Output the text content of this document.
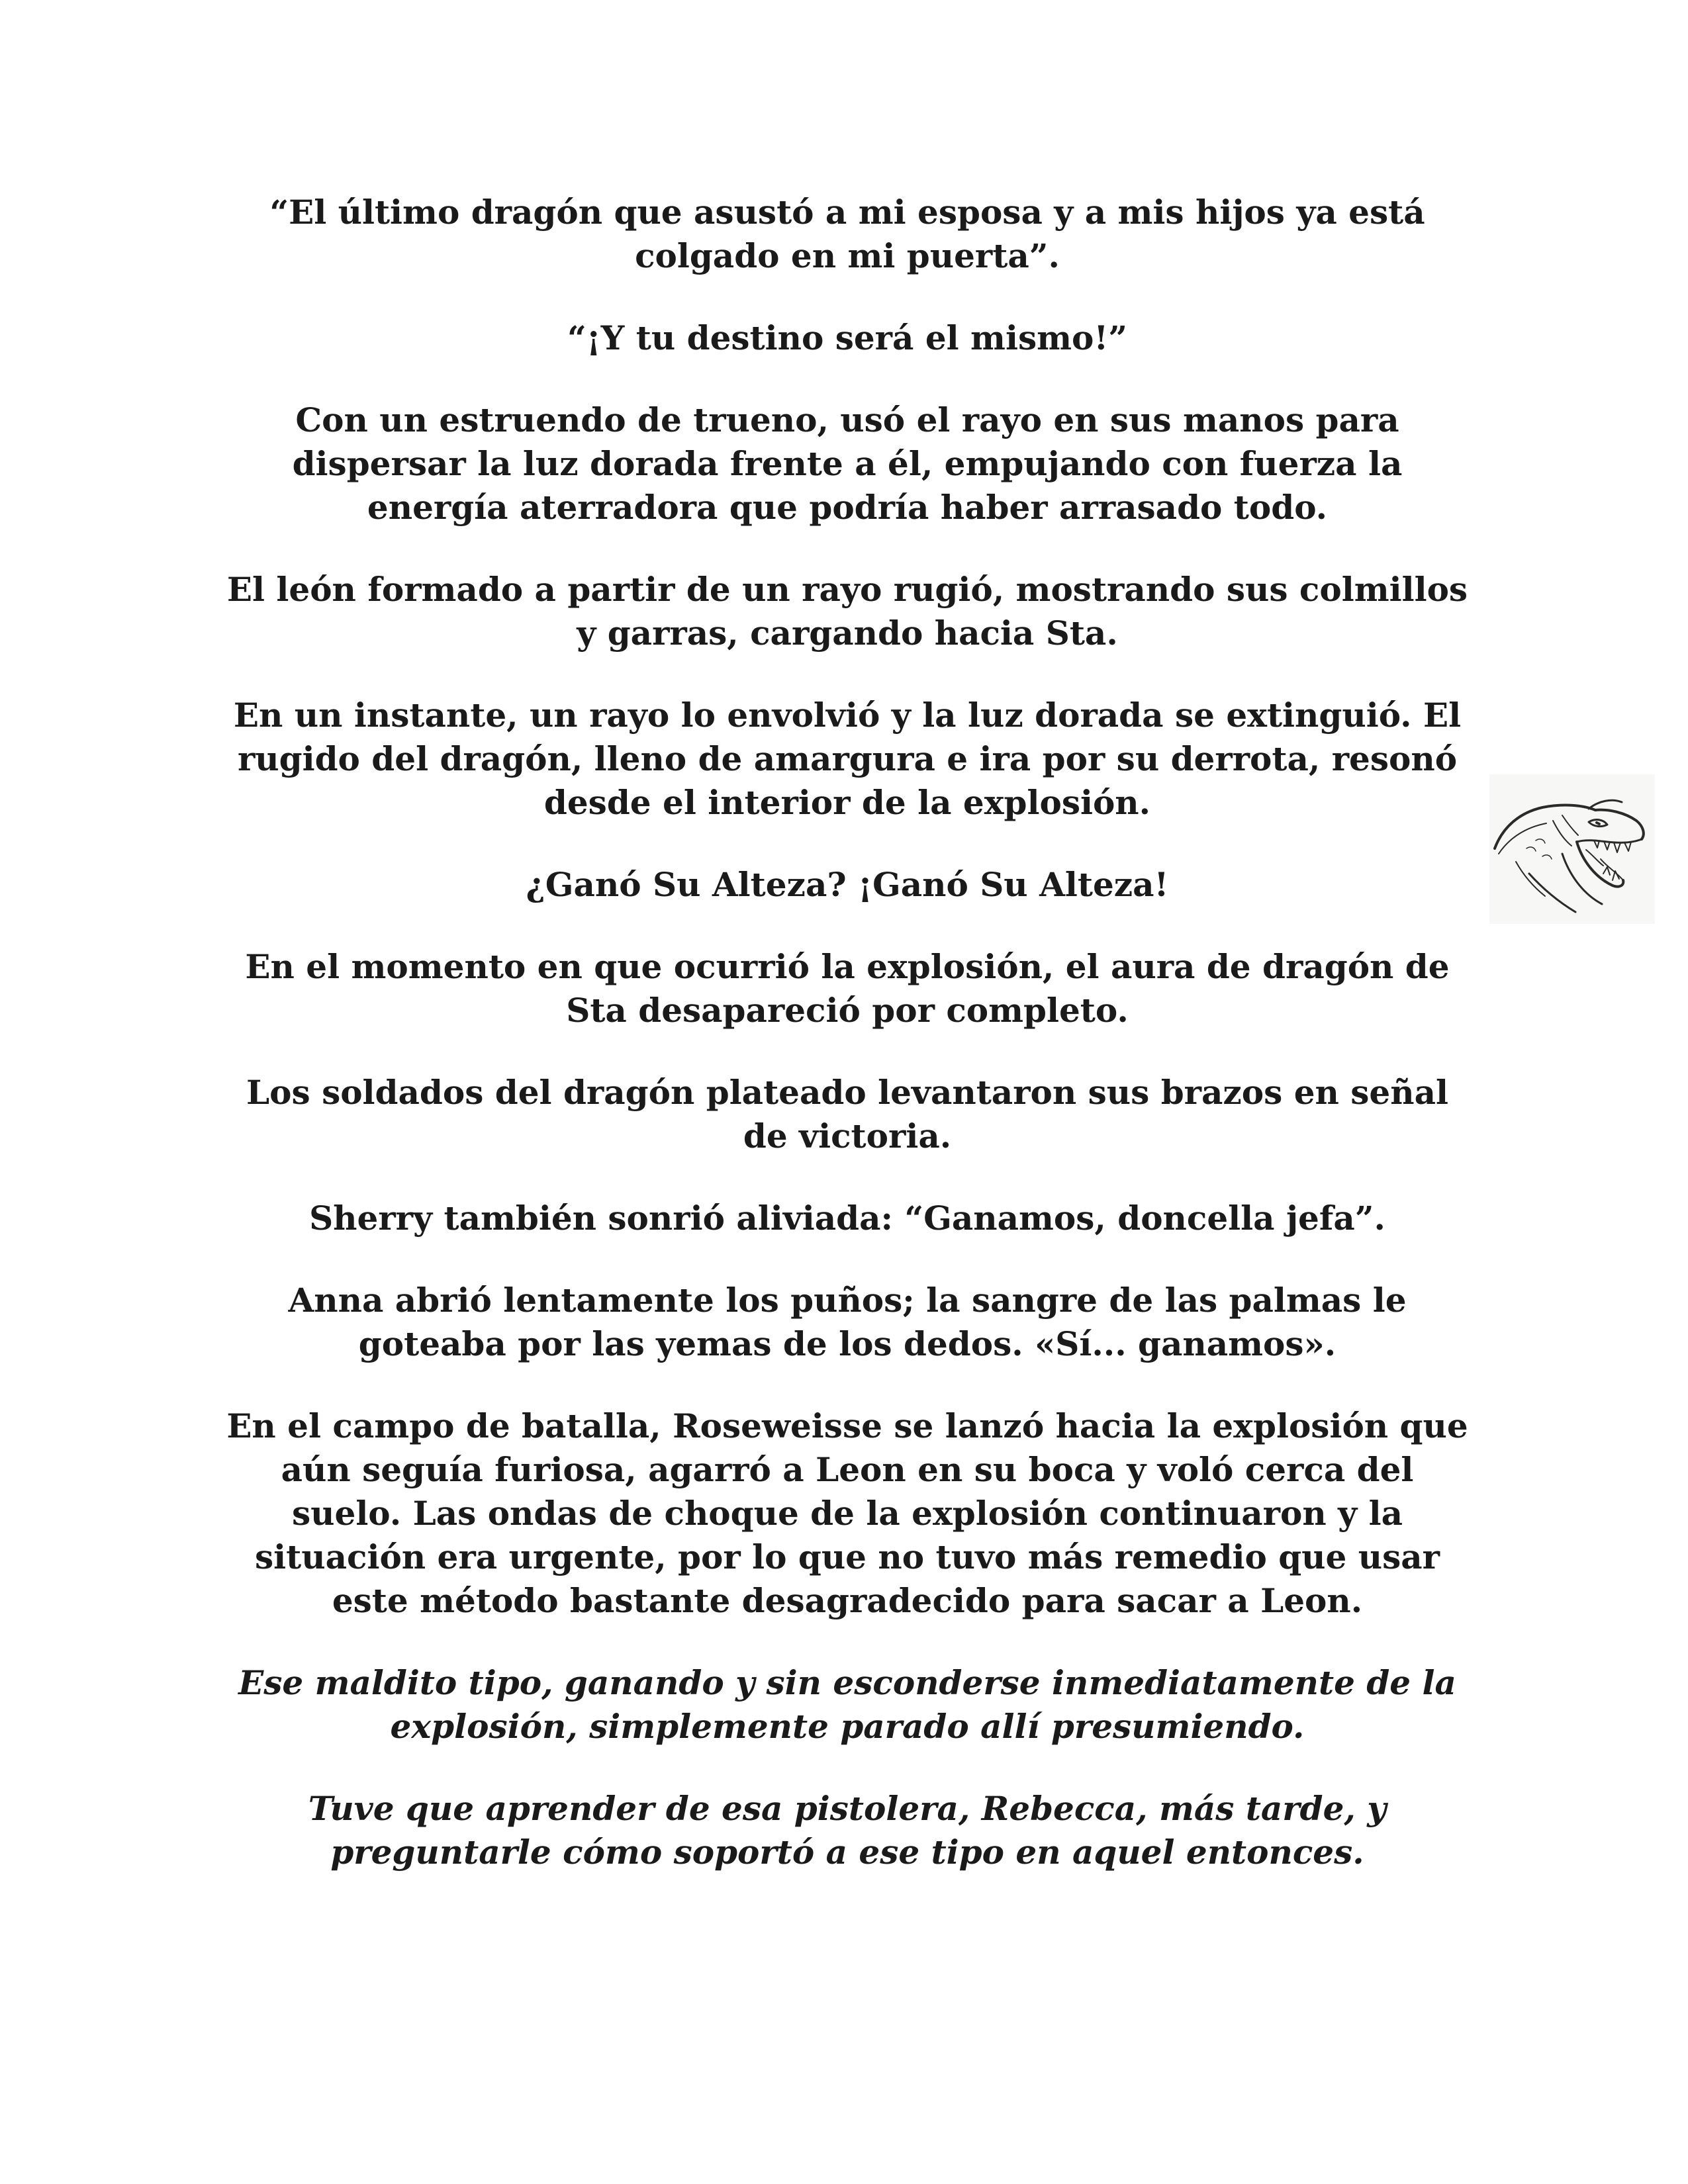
“El último dragón que asustó a mi esposa y a mis hijos ya está colgado en mi puerta”.

“¡Y tu destino será el mismo!”

Con un estruendo de trueno, usó el rayo en sus manos para dispersar la luz dorada frente a él, empujando con fuerza la energía aterradora que podría haber arrasado todo.

El león formado a partir de un rayo rugió, mostrando sus colmillos y garras, cargando hacia Sta.

En un instante, un rayo lo envolvió y la luz dorada se extinguió. El rugido del dragón, lleno de amargura e ira por su derrota, resonó desde el interior de la explosión.

¿Ganó Su Alteza? ¡Ganó Su Alteza!

En el momento en que ocurrió la explosión, el aura de dragón de Sta desapareció por completo.

Los soldados del dragón plateado levantaron sus brazos en señal de victoria.

Sherry también sonrió aliviada: “Ganamos, doncella jefa”.

Anna abrió lentamente los puños; la sangre de las palmas le goteaba por las yemas de los dedos. «Sí... ganamos».

En el campo de batalla, Roseweisse se lanzó hacia la explosión que aún seguía furiosa, agarró a Leon en su boca y voló cerca del suelo. Las ondas de choque de la explosión continuaron y la situación era urgente, por lo que no tuvo más remedio que usar este método bastante desagradecido para sacar a Leon.

Ese maldito tipo, ganando y sin esconderse inmediatamente de la explosión, simplemente parado allí presumiendo.

Tuve que aprender de esa pistolera, Rebecca, más tarde, y preguntarle cómo soportó a ese tipo en aquel entonces.
